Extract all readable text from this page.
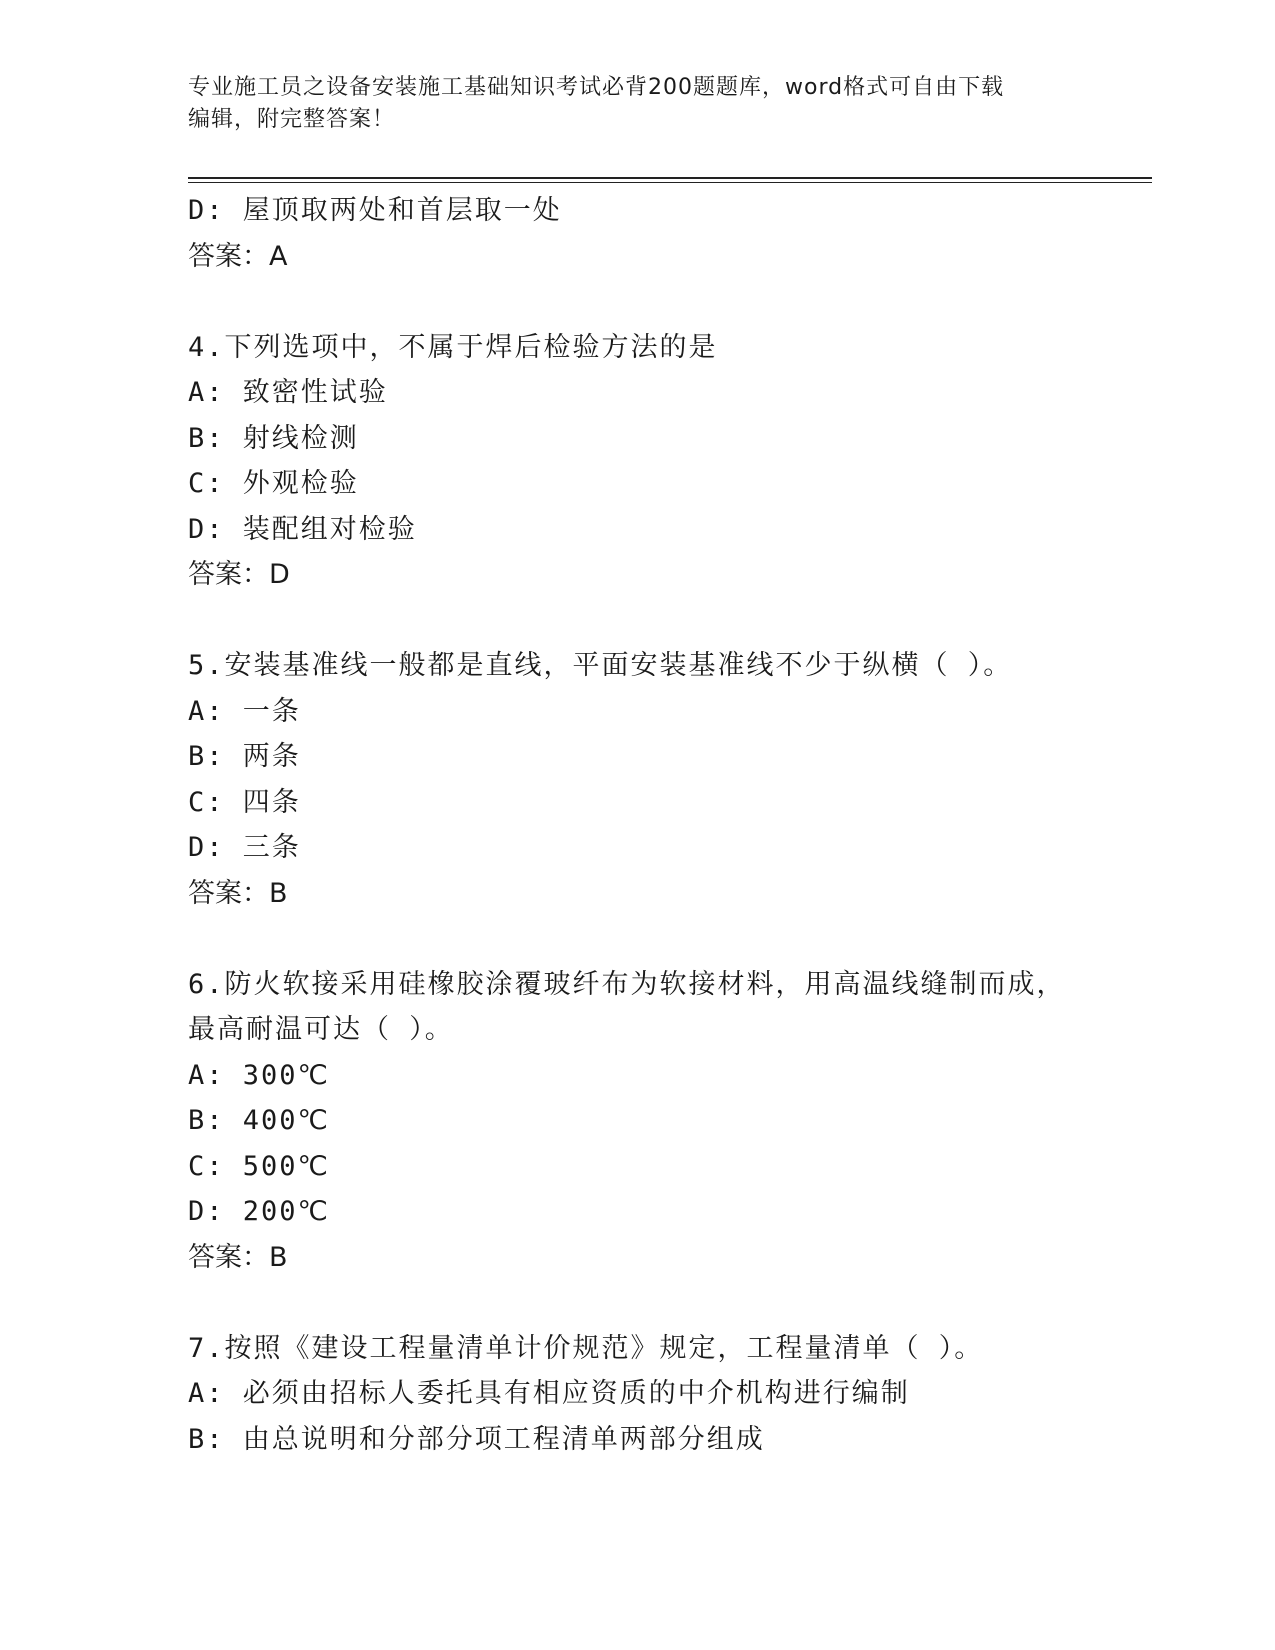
专业施工员之设备安装施工基础知识考试必背200题题库，word格式可自由下载
编辑，附完整答案！
D: 屋顶取两处和首层取一处
答案：A
4.下列选项中，不属于焊后检验方法的是
A: 致密性试验
B: 射线检测
C: 外观检验
D: 装配组对检验
答案：D
5.安装基准线一般都是直线，平面安装基准线不少于纵横（ ）。
A: 一条
B: 两条
C: 四条
D: 三条
答案：B
6.防火软接采用硅橡胶涂覆玻纤布为软接材料，用高温线缝制而成，
最高耐温可达（ ）。
A: 300℃
B: 400℃
C: 500℃
D: 200℃
答案：B
7.按照《建设工程量清单计价规范》规定，工程量清单（ ）。
A: 必须由招标人委托具有相应资质的中介机构进行编制
B: 由总说明和分部分项工程清单两部分组成
